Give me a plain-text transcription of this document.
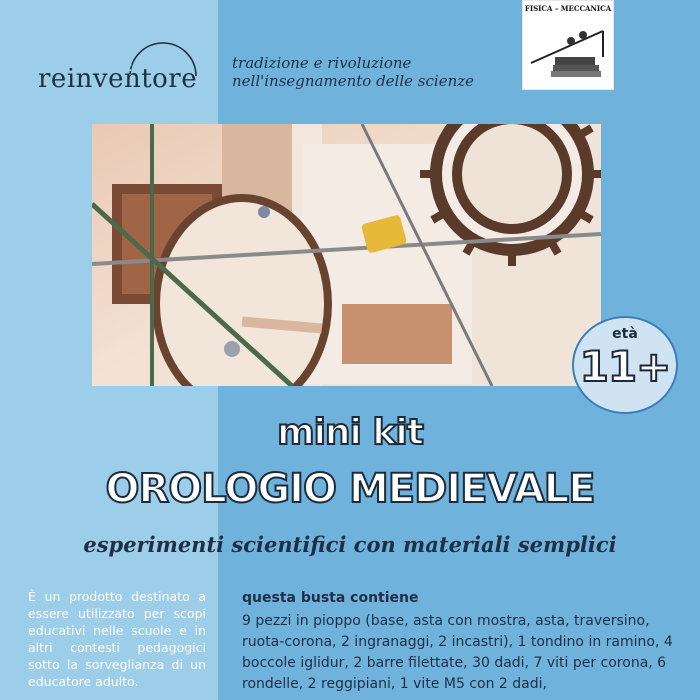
reinventore
tradizione e rivoluzione
nell'insegnamento delle scienze
FISICA – MECCANICA
età
11+
mini kit
OROLOGIO MEDIEVALE
esperimenti scientifici con materiali semplici
È un prodotto destinato a essere utilizzato per scopi educativi nelle scuole e in altri contesti pedagogici sotto la sorveglianza di un educatore adulto.
questa busta contiene
9 pezzi in pioppo (base, asta con mostra, asta, traversino, ruota-corona, 2 ingranaggi, 2 incastri), 1 tondino in ramino, 4 boccole iglidur, 2 barre filettate, 30 dadi, 7 viti per corona, 6 rondelle, 2 reggipiani, 1 vite M5 con 2 dadi,
